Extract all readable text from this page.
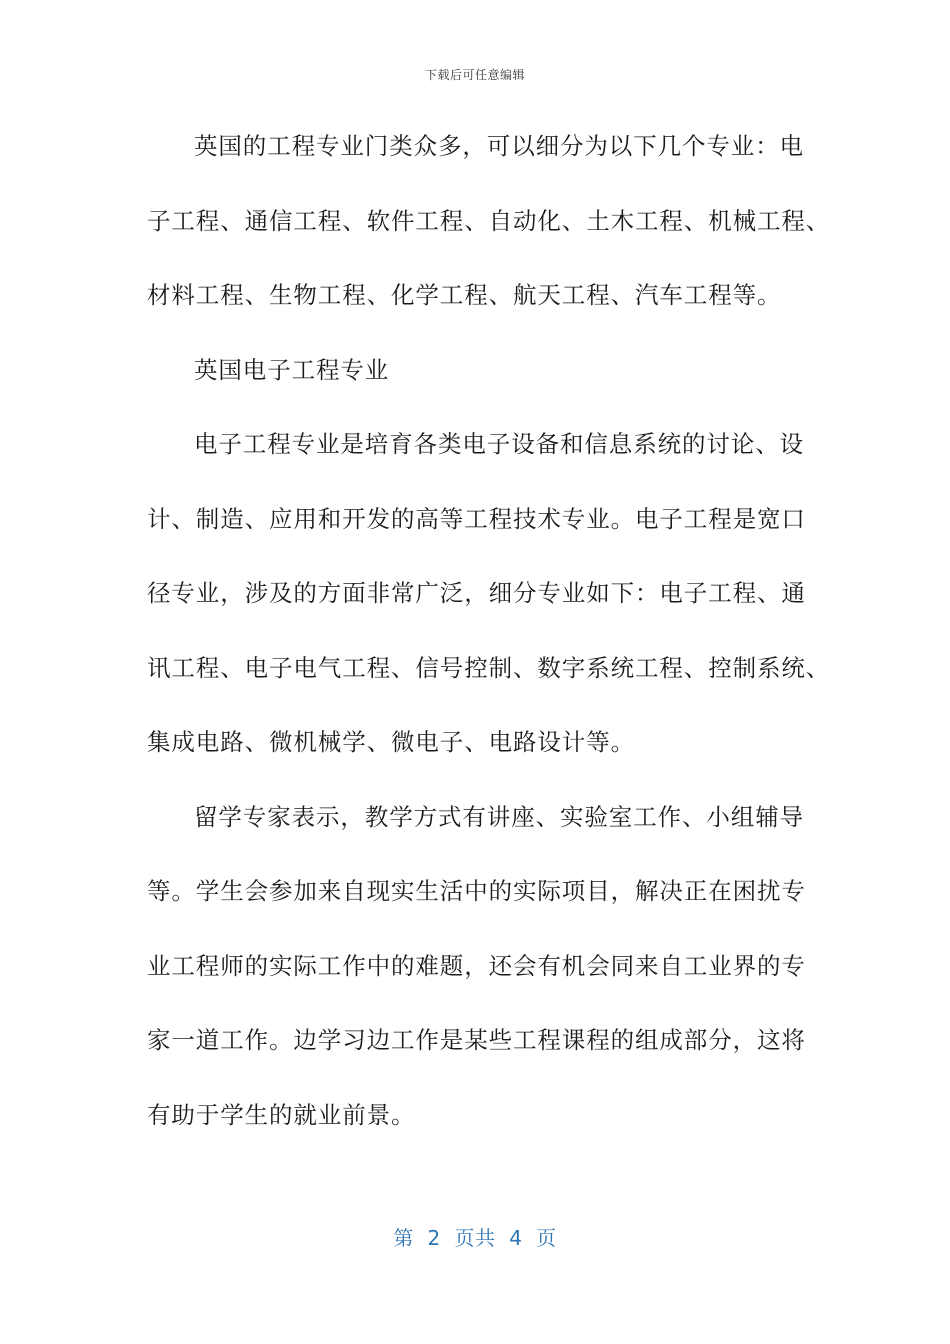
下载后可任意编辑
英国的工程专业门类众多，可以细分为以下几个专业：电
子工程、通信工程、软件工程、自动化、土木工程、机械工程、
材料工程、生物工程、化学工程、航天工程、汽车工程等。
英国电子工程专业
电子工程专业是培育各类电子设备和信息系统的讨论、设
计、制造、应用和开发的高等工程技术专业。电子工程是宽口
径专业，涉及的方面非常广泛，细分专业如下：电子工程、通
讯工程、电子电气工程、信号控制、数字系统工程、控制系统、
集成电路、微机械学、微电子、电路设计等。
留学专家表示，教学方式有讲座、实验室工作、小组辅导
等。学生会参加来自现实生活中的实际项目，解决正在困扰专
业工程师的实际工作中的难题，还会有机会同来自工业界的专
家一道工作。边学习边工作是某些工程课程的组成部分，这将
有助于学生的就业前景。
第  2  页共  4  页
